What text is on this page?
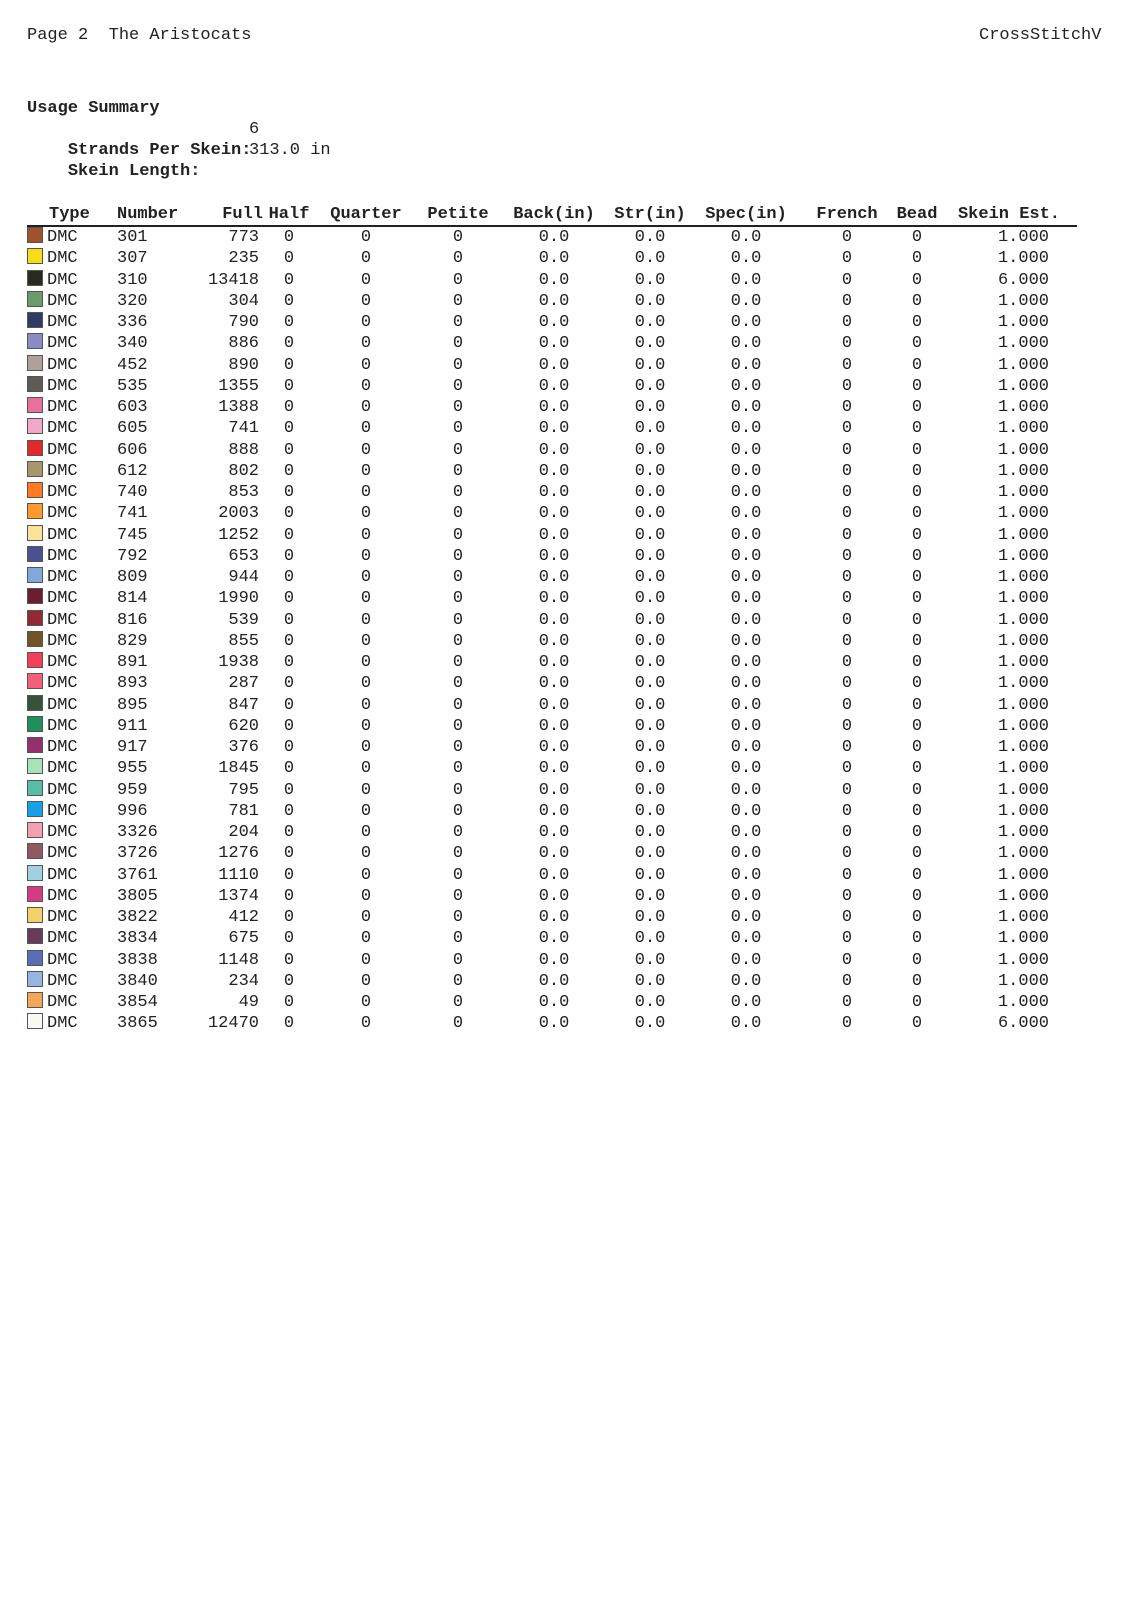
Page 2  The Aristocats

	CrossStitchV

Usage Summary

Strands Per Skein:

6

Skein Length:

313.0 in

Type	Number	Full	Half	Quarter	Petite	Back(in)	Str(in)	Spec(in)	French	Bead	Skein Est.
DMC	301	773	0	0	0	0.0	0.0	0.0	0	0	1.000
DMC	307	235	0	0	0	0.0	0.0	0.0	0	0	1.000
DMC	310	13418	0	0	0	0.0	0.0	0.0	0	0	6.000
DMC	320	304	0	0	0	0.0	0.0	0.0	0	0	1.000
DMC	336	790	0	0	0	0.0	0.0	0.0	0	0	1.000
DMC	340	886	0	0	0	0.0	0.0	0.0	0	0	1.000
DMC	452	890	0	0	0	0.0	0.0	0.0	0	0	1.000
DMC	535	1355	0	0	0	0.0	0.0	0.0	0	0	1.000
DMC	603	1388	0	0	0	0.0	0.0	0.0	0	0	1.000
DMC	605	741	0	0	0	0.0	0.0	0.0	0	0	1.000
DMC	606	888	0	0	0	0.0	0.0	0.0	0	0	1.000
DMC	612	802	0	0	0	0.0	0.0	0.0	0	0	1.000
DMC	740	853	0	0	0	0.0	0.0	0.0	0	0	1.000
DMC	741	2003	0	0	0	0.0	0.0	0.0	0	0	1.000
DMC	745	1252	0	0	0	0.0	0.0	0.0	0	0	1.000
DMC	792	653	0	0	0	0.0	0.0	0.0	0	0	1.000
DMC	809	944	0	0	0	0.0	0.0	0.0	0	0	1.000
DMC	814	1990	0	0	0	0.0	0.0	0.0	0	0	1.000
DMC	816	539	0	0	0	0.0	0.0	0.0	0	0	1.000
DMC	829	855	0	0	0	0.0	0.0	0.0	0	0	1.000
DMC	891	1938	0	0	0	0.0	0.0	0.0	0	0	1.000
DMC	893	287	0	0	0	0.0	0.0	0.0	0	0	1.000
DMC	895	847	0	0	0	0.0	0.0	0.0	0	0	1.000
DMC	911	620	0	0	0	0.0	0.0	0.0	0	0	1.000
DMC	917	376	0	0	0	0.0	0.0	0.0	0	0	1.000
DMC	955	1845	0	0	0	0.0	0.0	0.0	0	0	1.000
DMC	959	795	0	0	0	0.0	0.0	0.0	0	0	1.000
DMC	996	781	0	0	0	0.0	0.0	0.0	0	0	1.000
DMC	3326	204	0	0	0	0.0	0.0	0.0	0	0	1.000
DMC	3726	1276	0	0	0	0.0	0.0	0.0	0	0	1.000
DMC	3761	1110	0	0	0	0.0	0.0	0.0	0	0	1.000
DMC	3805	1374	0	0	0	0.0	0.0	0.0	0	0	1.000
DMC	3822	412	0	0	0	0.0	0.0	0.0	0	0	1.000
DMC	3834	675	0	0	0	0.0	0.0	0.0	0	0	1.000
DMC	3838	1148	0	0	0	0.0	0.0	0.0	0	0	1.000
DMC	3840	234	0	0	0	0.0	0.0	0.0	0	0	1.000
DMC	3854	49	0	0	0	0.0	0.0	0.0	0	0	1.000
DMC	3865	12470	0	0	0	0.0	0.0	0.0	0	0	6.000
